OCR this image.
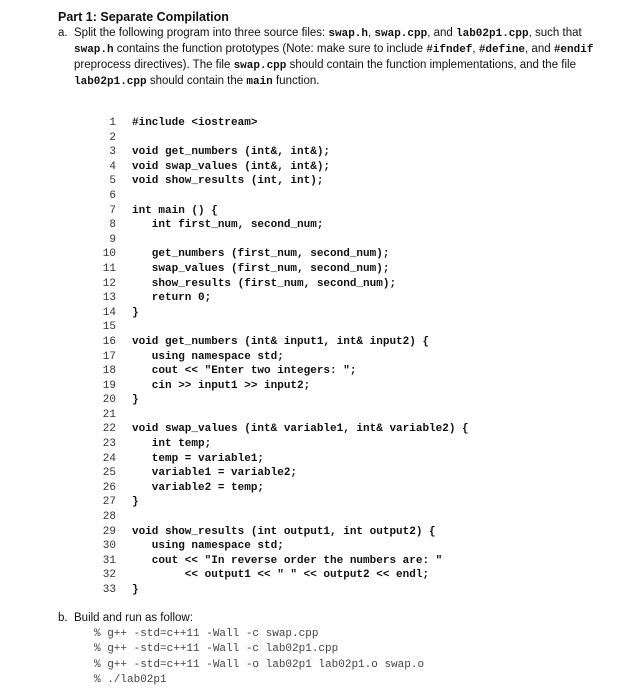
Part 1: Separate Compilation
a. Split the following program into three source files: swap.h, swap.cpp, and lab02p1.cpp, such that swap.h contains the function prototypes (Note: make sure to include #ifndef, #define, and #endif preprocess directives). The file swap.cpp should contain the function implementations, and the file lab02p1.cpp should contain the main function.
1 #include <iostream>
2
3 void get_numbers (int&, int&);
4 void swap_values (int&, int&);
5 void show_results (int, int);
6
7 int main () {
8 int first_num, second_num;
9
10 get_numbers (first_num, second_num);
11 swap_values (first_num, second_num);
12 show_results (first_num, second_num);
13 return 0;
14 }
15
16 void get_numbers (int& input1, int& input2) {
17 using namespace std;
18 cout << "Enter two integers: ";
19 cin >> input1 >> input2;
20 }
21
22 void swap_values (int& variable1, int& variable2) {
23 int temp;
24 temp = variable1;
25 variable1 = variable2;
26 variable2 = temp;
27 }
28
29 void show_results (int output1, int output2) {
30 using namespace std;
31 cout << "In reverse order the numbers are: "
32 << output1 << " " << output2 << endl;
33 }
b. Build and run as follow:
% g++ -std=c++11 -Wall -c swap.cpp
% g++ -std=c++11 -Wall -c lab02p1.cpp
% g++ -std=c++11 -Wall -o lab02p1 lab02p1.o swap.o
% ./lab02p1
